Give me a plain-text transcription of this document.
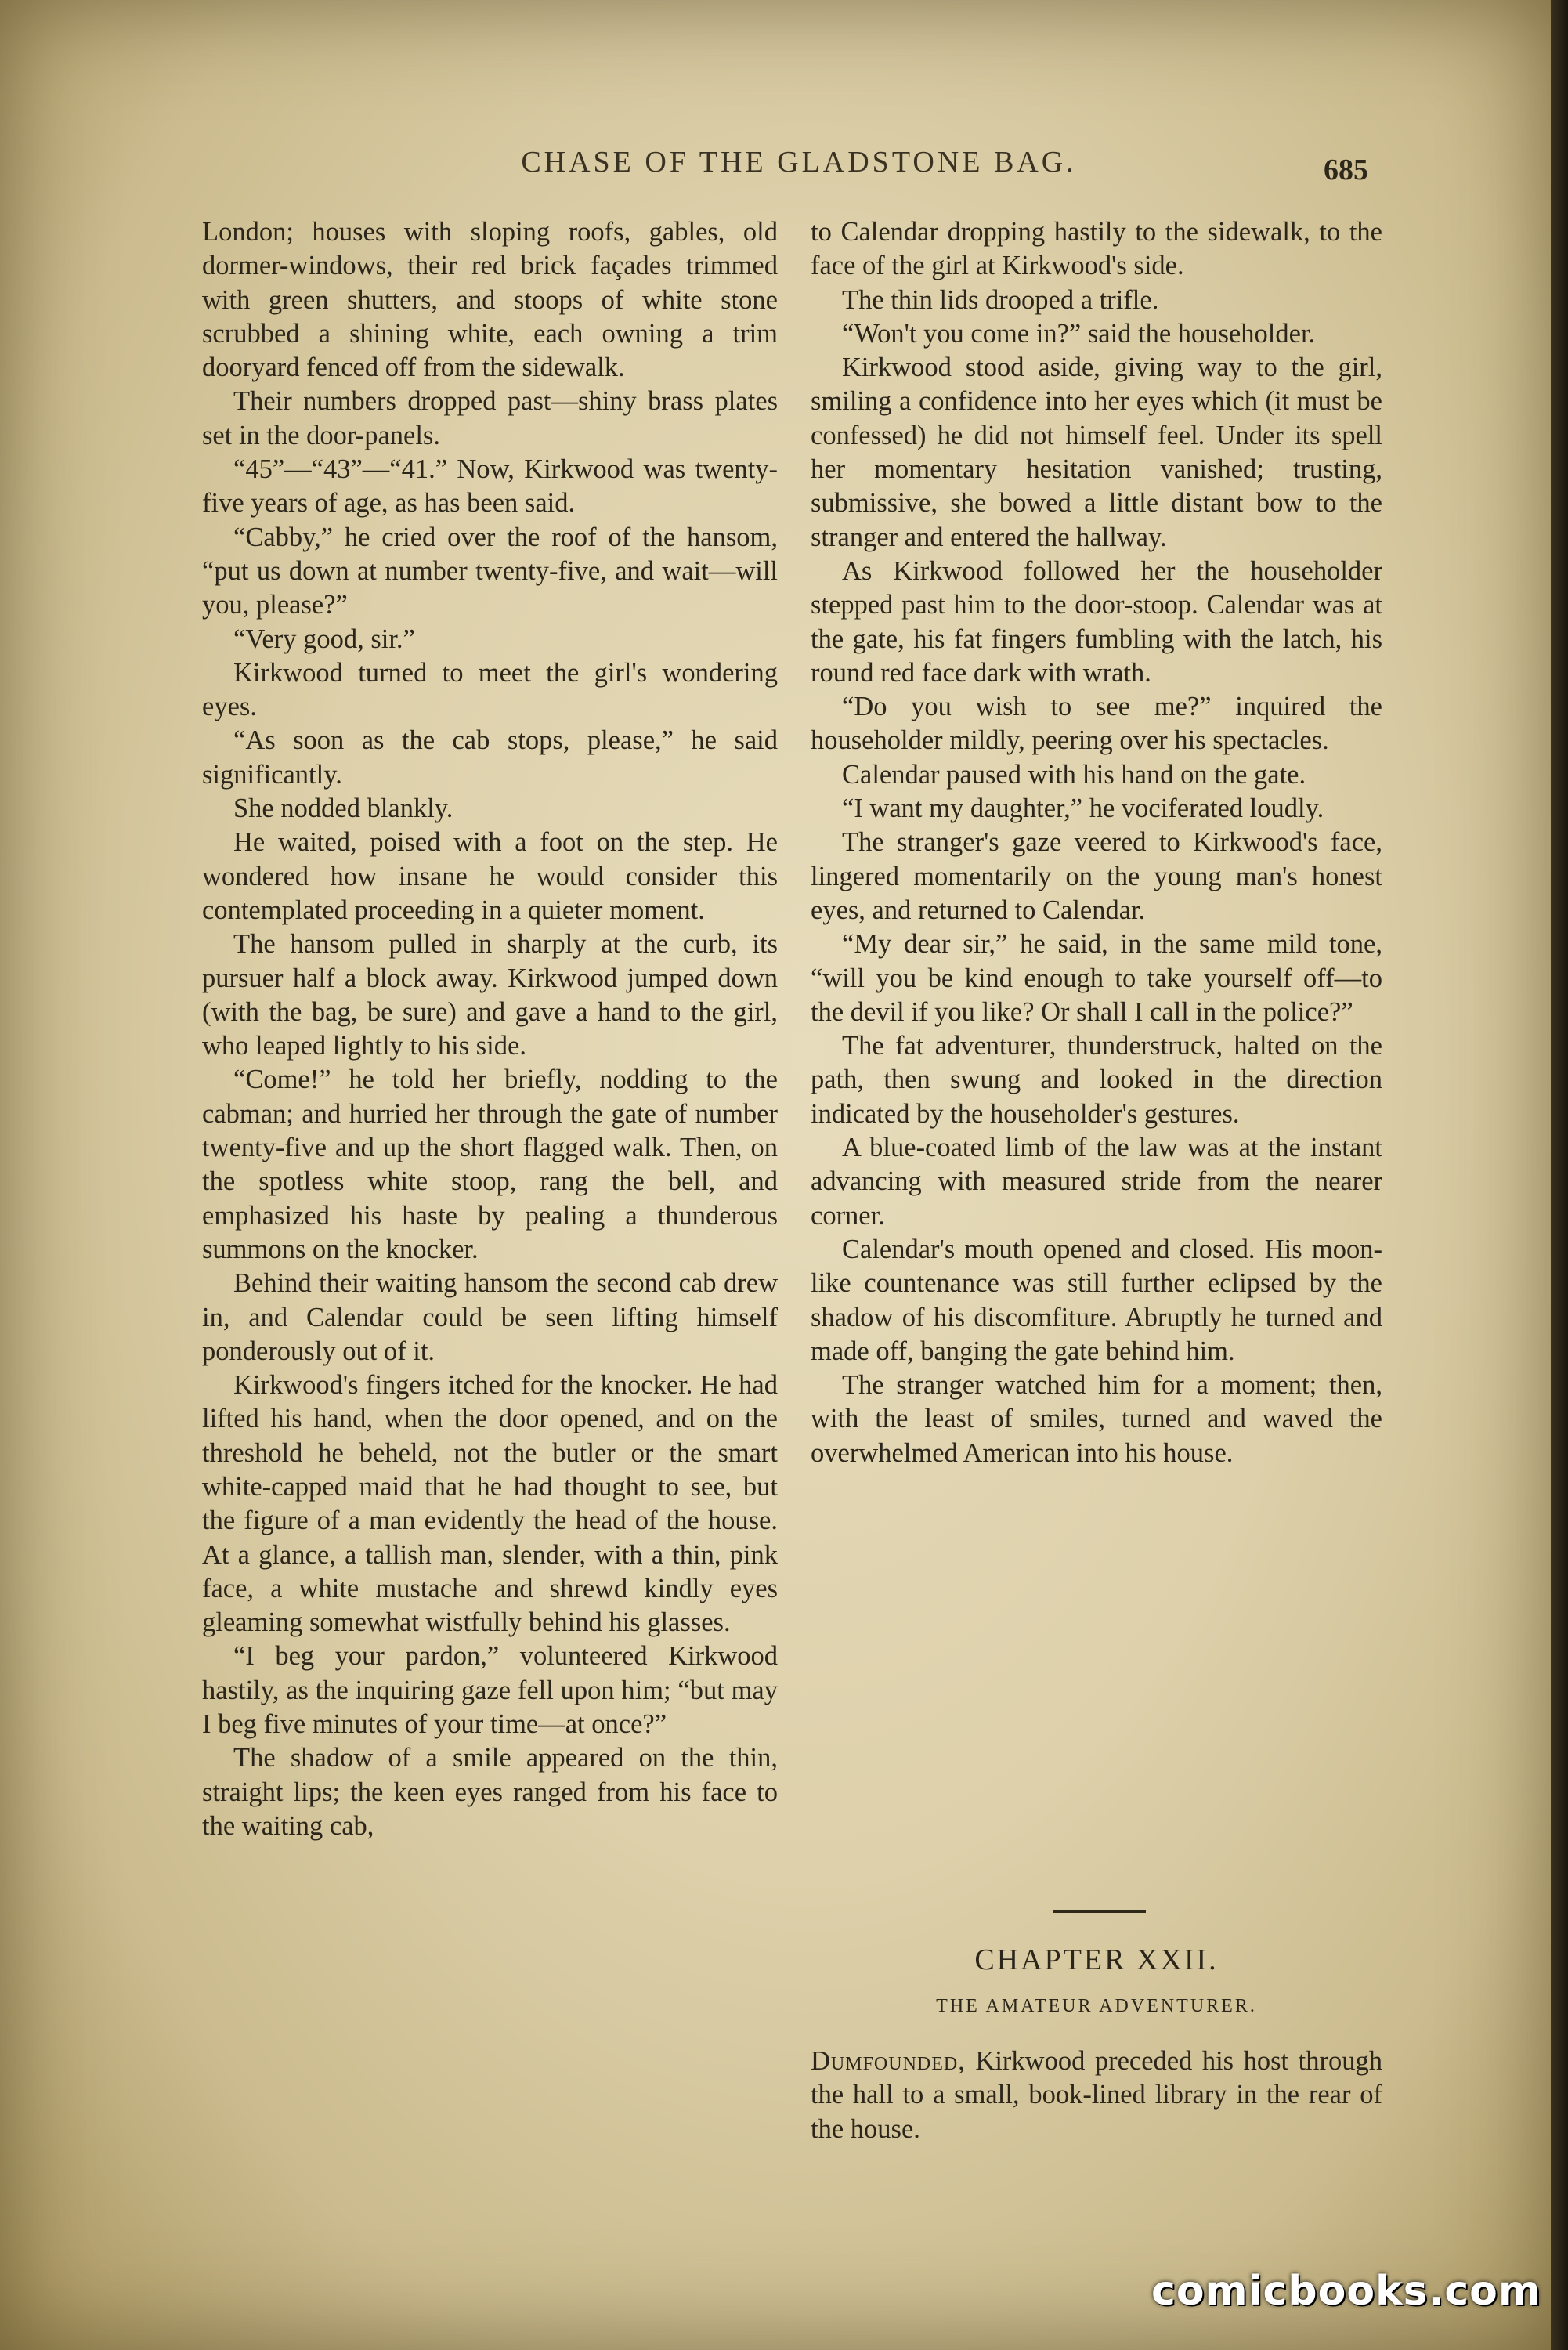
CHASE OF THE GLADSTONE BAG.	685

London; houses with sloping roofs, gables, old dormer-windows, their red brick façades trimmed with green shutters, and stoops of white stone scrubbed a shining white, each owning a trim dooryard fenced off from the sidewalk.

Their numbers dropped past—shiny brass plates set in the door-panels.

“45”—“43”—“41.” Now, Kirkwood was twenty-five years of age, as has been said.

“Cabby,” he cried over the roof of the hansom, “put us down at number twenty-five, and wait—will you, please?”

“Very good, sir.”

Kirkwood turned to meet the girl's wondering eyes.

“As soon as the cab stops, please,” he said significantly.

She nodded blankly.

He waited, poised with a foot on the step. He wondered how insane he would consider this contemplated proceeding in a quieter moment.

The hansom pulled in sharply at the curb, its pursuer half a block away. Kirkwood jumped down (with the bag, be sure) and gave a hand to the girl, who leaped lightly to his side.

“Come!” he told her briefly, nodding to the cabman; and hurried her through the gate of number twenty-five and up the short flagged walk. Then, on the spotless white stoop, rang the bell, and emphasized his haste by pealing a thunderous summons on the knocker.

Behind their waiting hansom the second cab drew in, and Calendar could be seen lifting himself ponderously out of it.

Kirkwood's fingers itched for the knocker. He had lifted his hand, when the door opened, and on the threshold he beheld, not the butler or the smart white-capped maid that he had thought to see, but the figure of a man evidently the head of the house. At a glance, a tallish man, slender, with a thin, pink face, a white mustache and shrewd kindly eyes gleaming somewhat wistfully behind his glasses.

“I beg your pardon,” volunteered Kirkwood hastily, as the inquiring gaze fell upon him; “but may I beg five minutes of your time—at once?”

The shadow of a smile appeared on the thin, straight lips; the keen eyes ranged from his face to the waiting cab,

to Calendar dropping hastily to the sidewalk, to the face of the girl at Kirkwood's side.

The thin lids drooped a trifle.

“Won't you come in?” said the householder.

Kirkwood stood aside, giving way to the girl, smiling a confidence into her eyes which (it must be confessed) he did not himself feel. Under its spell her momentary hesitation vanished; trusting, submissive, she bowed a little distant bow to the stranger and entered the hallway.

As Kirkwood followed her the householder stepped past him to the door-stoop. Calendar was at the gate, his fat fingers fumbling with the latch, his round red face dark with wrath.

“Do you wish to see me?” inquired the householder mildly, peering over his spectacles.

Calendar paused with his hand on the gate.

“I want my daughter,” he vociferated loudly.

The stranger's gaze veered to Kirkwood's face, lingered momentarily on the young man's honest eyes, and returned to Calendar.

“My dear sir,” he said, in the same mild tone, “will you be kind enough to take yourself off—to the devil if you like? Or shall I call in the police?”

The fat adventurer, thunderstruck, halted on the path, then swung and looked in the direction indicated by the householder's gestures.

A blue-coated limb of the law was at the instant advancing with measured stride from the nearer corner.

Calendar's mouth opened and closed. His moon-like countenance was still further eclipsed by the shadow of his discomfiture. Abruptly he turned and made off, banging the gate behind him.

The stranger watched him for a moment; then, with the least of smiles, turned and waved the overwhelmed American into his house.

CHAPTER XXII.
THE AMATEUR ADVENTURER.
Dumfounded, Kirkwood preceded his host through the hall to a small, book-lined library in the rear of the house.
comicbooks.com
